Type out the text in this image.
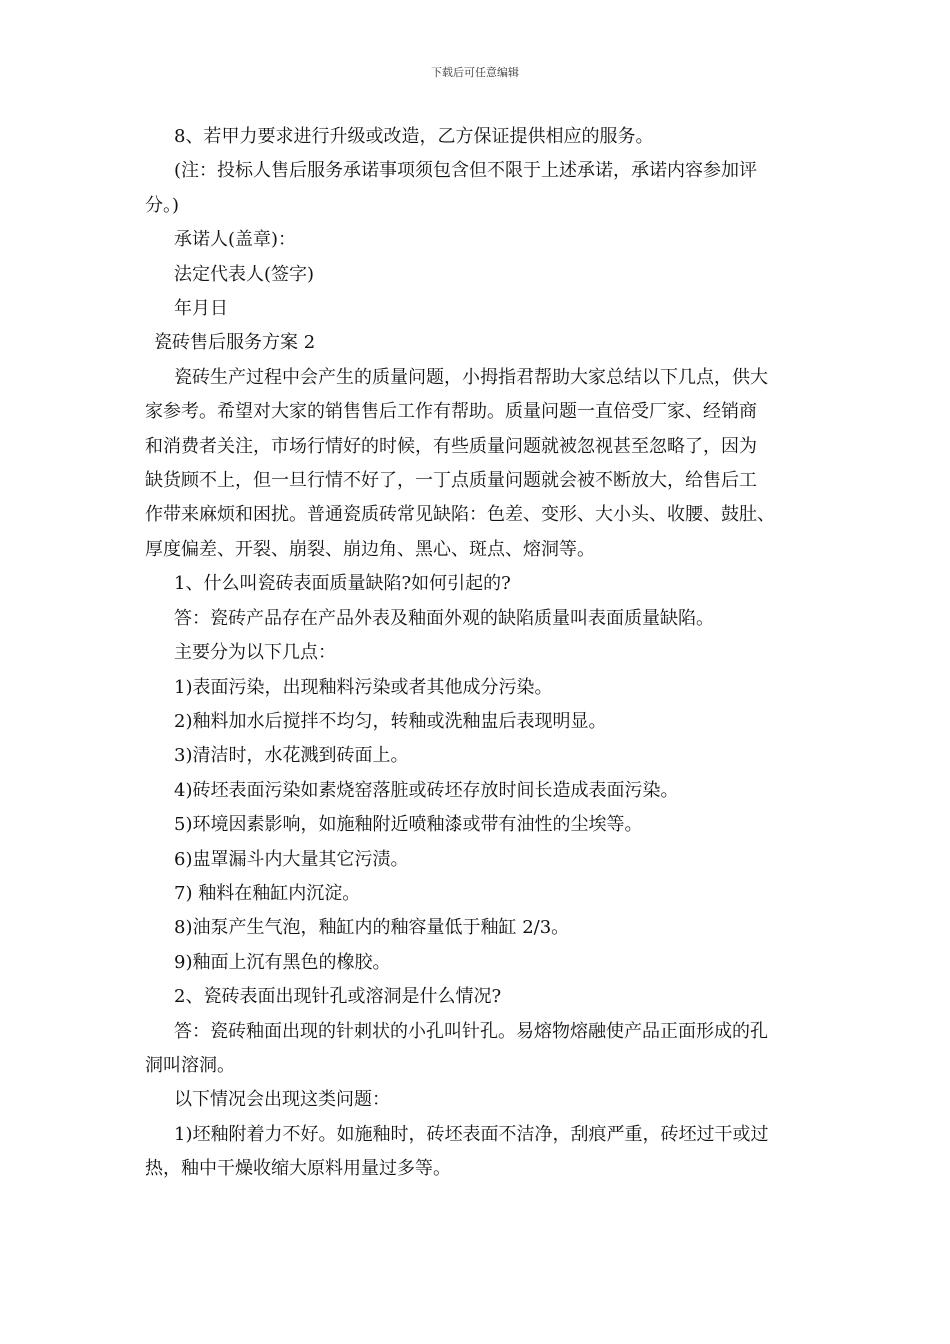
下载后可任意编辑

8、若甲力要求进行升级或改造，乙方保证提供相应的服务。

(注：投标人售后服务承诺事项须包含但不限于上述承诺，承诺内容参加评

分。)

承诺人(盖章)：

法定代表人(签字)

年月日

瓷砖售后服务方案 2

瓷砖生产过程中会产生的质量问题，小拇指君帮助大家总结以下几点，供大

家参考。希望对大家的销售售后工作有帮助。质量问题一直倍受厂家、经销商

和消费者关注，市场行情好的时候，有些质量问题就被忽视甚至忽略了，因为

缺货顾不上，但一旦行情不好了，一丁点质量问题就会被不断放大，给售后工

作带来麻烦和困扰。普通瓷质砖常见缺陷：色差、变形、大小头、收腰、鼓肚、

厚度偏差、开裂、崩裂、崩边角、黑心、斑点、熔洞等。

1、什么叫瓷砖表面质量缺陷?如何引起的?

答：瓷砖产品存在产品外表及釉面外观的缺陷质量叫表面质量缺陷。

主要分为以下几点：

1)表面污染，出现釉料污染或者其他成分污染。

2)釉料加水后搅拌不均匀，转釉或洗釉盅后表现明显。

3)清洁时，水花溅到砖面上。

4)砖坯表面污染如素烧窑落脏或砖坯存放时间长造成表面污染。

5)环境因素影响，如施釉附近喷釉漆或带有油性的尘埃等。

6)盅罩漏斗内大量其它污渍。

7) 釉料在釉缸内沉淀。

8)油泵产生气泡，釉缸内的釉容量低于釉缸 2/3。

9)釉面上沉有黑色的橡胶。

2、瓷砖表面出现针孔或溶洞是什么情况?

答：瓷砖釉面出现的针刺状的小孔叫针孔。易熔物熔融使产品正面形成的孔

洞叫溶洞。

以下情况会出现这类问题：

1)坯釉附着力不好。如施釉时，砖坯表面不洁净，刮痕严重，砖坯过干或过

热，釉中干燥收缩大原料用量过多等。
